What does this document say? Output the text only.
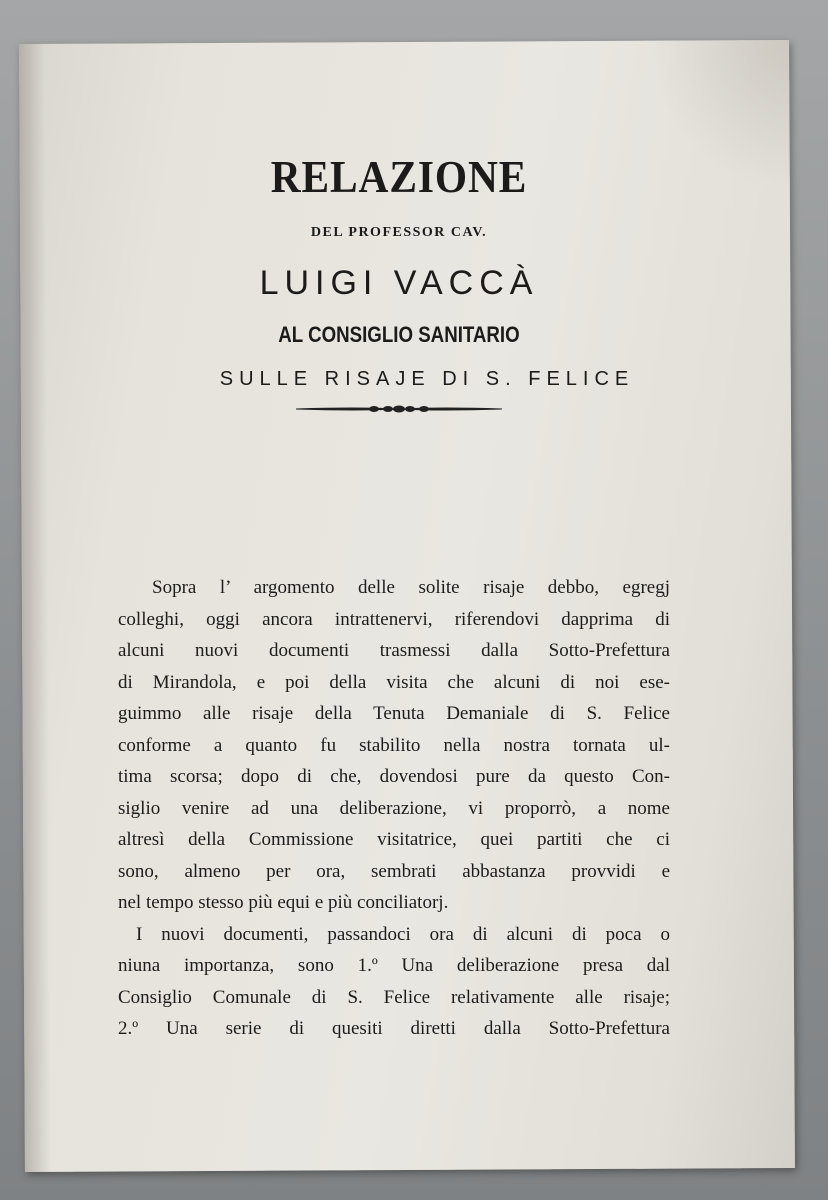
RELAZIONE
DEL PROFESSOR CAV.
LUIGI VACCÀ
AL CONSIGLIO SANITARIO
SULLE RISAJE DI S. FELICE
Sopra l’ argomento delle solite risaje debbo, egregj
colleghi, oggi ancora intrattenervi, riferendovi dapprima di
alcuni nuovi documenti trasmessi dalla Sotto-Prefettura
di Mirandola, e poi della visita che alcuni di noi ese-
guimmo alle risaje della Tenuta Demaniale di S. Felice
conforme a quanto fu stabilito nella nostra tornata ul-
tima scorsa; dopo di che, dovendosi pure da questo Con-
siglio venire ad una deliberazione, vi proporrò, a nome
altresì della Commissione visitatrice, quei partiti che ci
sono, almeno per ora, sembrati abbastanza provvidi e
nel tempo stesso più equi e più conciliatorj.
I nuovi documenti, passandoci ora di alcuni di poca o
niuna importanza, sono 1.º Una deliberazione presa dal
Consiglio Comunale di S. Felice relativamente alle risaje;
2.º Una serie di quesiti diretti dalla Sotto-Prefettura
